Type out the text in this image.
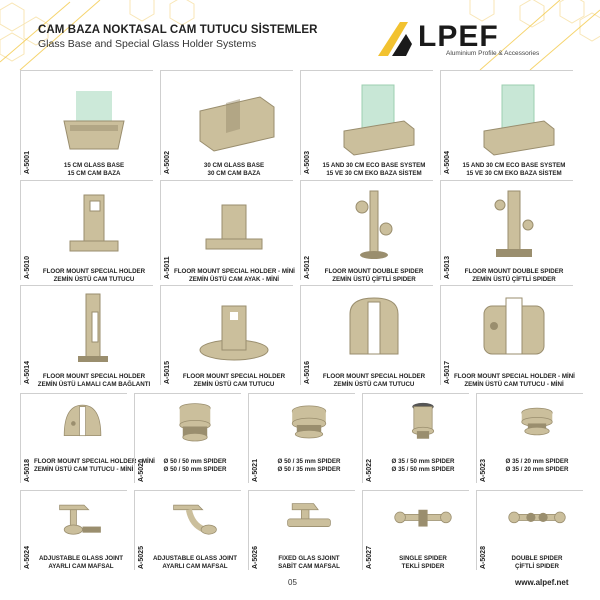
CAM BAZA NOKTASAL CAM TUTUCU SİSTEMLER
Glass Base and Special Glass Holder Systems	LPEF
Aluminium Profile & Accessories
A-5001	15 CM GLASS BASE
15 CM CAM BAZA	A-5002	30 CM GLASS BASE
30 CM CAM BAZA	A-5003	15 AND 30 CM ECO BASE SYSTEM
15 VE 30 CM EKO BAZA SİSTEM	A-5004	15 AND 30 CM ECO BASE SYSTEM
15 VE 30 CM EKO BAZA SİSTEM
A-5010	FLOOR MOUNT SPECIAL HOLDER
ZEMİN ÜSTÜ CAM TUTUCU
A-5011 FLOOR MOUNT SPECIAL HOLDER - MİNİ
ZEMİN ÜSTÜ CAM AYAK - MİNİ
A-5012	FLOOR MOUNT DOUBLE SPIDER
ZEMİN ÜSTÜ ÇİFTLİ SPIDER
A-5013	FLOOR MOUNT DOUBLE SPIDER
ZEMİN ÜSTÜ ÇİFTLİ SPIDER
A-5014	FLOOR MOUNT SPECIAL HOLDER
ZEMİN ÜSTÜ LAMALI CAM BAĞLANTI
A-5015	FLOOR MOUNT SPECIAL HOLDER
ZEMİN ÜSTÜ CAM TUTUCU
A-5016	FLOOR MOUNT SPECIAL HOLDER
ZEMİN ÜSTÜ CAM TUTUCU
A-5017 FLOOR MOUNT SPECIAL HOLDER - MİNİ
ZEMİN ÜSTÜ CAM TUTUCU - MİNİ
A-5018 FLOOR MOUNT SPECIAL HOLDER - MİNİ
ZEMİN ÜSTÜ CAM TUTUCU - MİNİ A-5020	Ø 50 / 50 mm SPIDER
Ø 50 / 50 mm SPIDER	A-5021	Ø 50 / 35 mm SPIDER
Ø 50 / 35 mm SPIDER	A-5022	Ø 35 / 50 mm SPIDER
Ø 35 / 50 mm SPIDER	A-5023	Ø 35 / 20 mm SPIDER
Ø 35 / 20 mm SPIDER
A-5024	ADJUSTABLE GLASS JOINT
AYARLI CAM MAFSAL	A-5025	ADJUSTABLE GLASS JOINT
AYARLI CAM MAFSAL	A-5026	FIXED GLAS SJOINT
SABİT CAM MAFSAL	A-5027	SINGLE SPIDER
TEKLİ SPIDER	A-5028	DOUBLE SPIDER
ÇİFTLİ SPIDER
05	www.alpef.net
